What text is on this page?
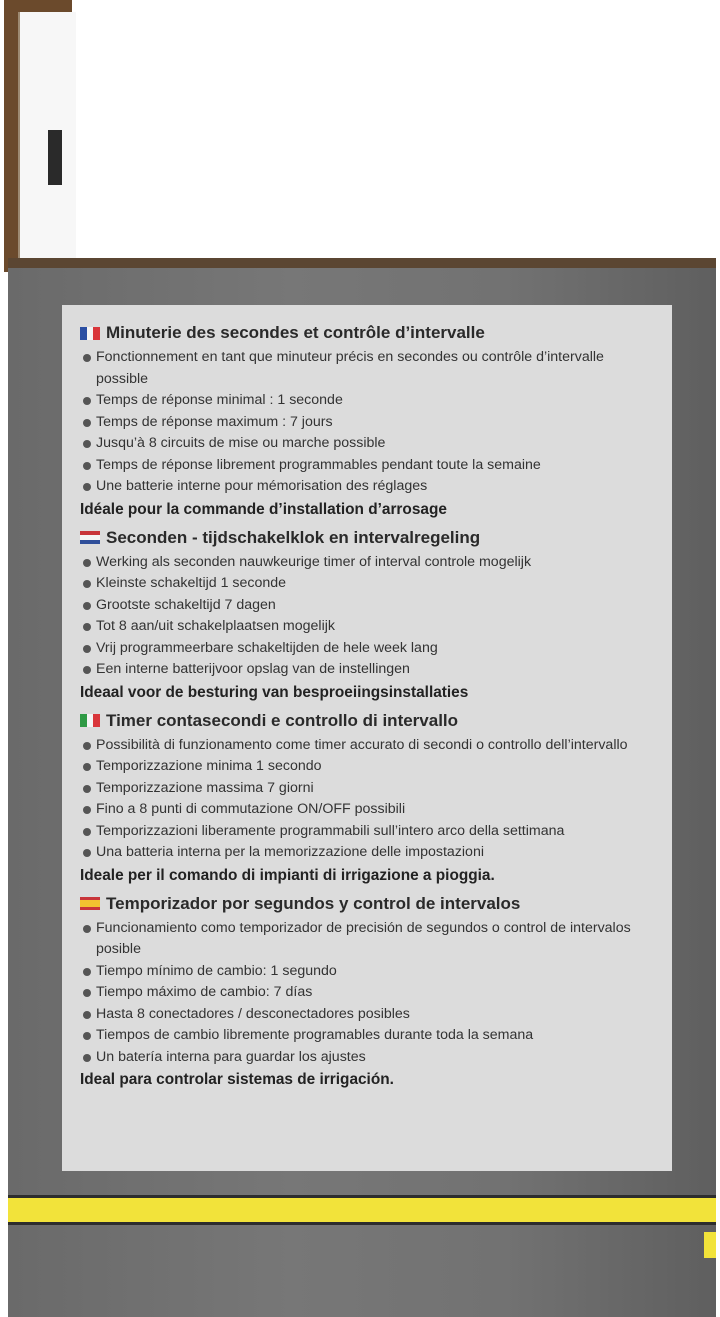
Minuterie des secondes et contrôle d’intervalle
Fonctionnement en tant que minuteur précis en secondes ou contrôle d’intervalle possible
Temps de réponse minimal : 1 seconde
Temps de réponse maximum : 7 jours
Jusqu’à 8 circuits de mise ou marche possible
Temps de réponse librement programmables pendant toute la semaine
Une batterie interne pour mémorisation des réglages
Idéale pour la commande d’installation d’arrosage
Seconden - tijdschakelklok en intervalregeling
Werking als seconden nauwkeurige timer of interval controle mogelijk
Kleinste schakeltijd 1 seconde
Grootste schakeltijd 7 dagen
Tot 8 aan/uit schakelplaatsen mogelijk
Vrij programmeerbare schakeltijden de hele week lang
Een interne batterijvoor opslag van de instellingen
Ideaal voor de besturing van besproeiingsinstallaties
Timer contasecondi e controllo di intervallo
Possibilità di funzionamento come timer accurato di secondi o controllo dell’intervallo
Temporizzazione minima 1 secondo
Temporizzazione massima 7 giorni
Fino a 8 punti di commutazione ON/OFF possibili
Temporizzazioni liberamente programmabili sull’intero arco della settimana
Una batteria interna per la memorizzazione delle impostazioni
Ideale per il comando di impianti di irrigazione a pioggia.
Temporizador por segundos y control de intervalos
Funcionamiento como temporizador de precisión de segundos o control de intervalos posible
Tiempo mínimo de cambio: 1 segundo
Tiempo máximo de cambio: 7 días
Hasta 8 conectadores / desconectadores posibles
Tiempos de cambio libremente programables durante toda la semana
Un batería interna para guardar los ajustes
Ideal para controlar sistemas de irrigación.
